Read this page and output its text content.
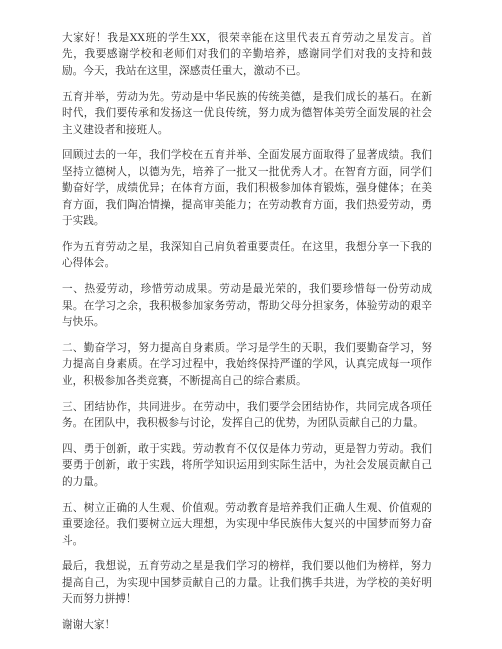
大家好！我是XX班的学生XX，很荣幸能在这里代表五育劳动之星发言。首先，我要感谢学校和老师们对我们的辛勤培养，感谢同学们对我的支持和鼓励。今天，我站在这里，深感责任重大，激动不已。

五育并举，劳动为先。劳动是中华民族的传统美德，是我们成长的基石。在新时代，我们要传承和发扬这一优良传统，努力成为德智体美劳全面发展的社会主义建设者和接班人。

回顾过去的一年，我们学校在五育并举、全面发展方面取得了显著成绩。我们坚持立德树人，以德为先，培养了一批又一批优秀人才。在智育方面，同学们勤奋好学，成绩优异；在体育方面，我们积极参加体育锻炼，强身健体；在美育方面，我们陶冶情操，提高审美能力；在劳动教育方面，我们热爱劳动，勇于实践。

作为五育劳动之星，我深知自己肩负着重要责任。在这里，我想分享一下我的心得体会。

一、热爱劳动，珍惜劳动成果。劳动是最光荣的，我们要珍惜每一份劳动成果。在学习之余，我积极参加家务劳动，帮助父母分担家务，体验劳动的艰辛与快乐。

二、勤奋学习，努力提高自身素质。学习是学生的天职，我们要勤奋学习，努力提高自身素质。在学习过程中，我始终保持严谨的学风，认真完成每一项作业，积极参加各类竞赛，不断提高自己的综合素质。

三、团结协作，共同进步。在劳动中，我们要学会团结协作，共同完成各项任务。在团队中，我积极参与讨论，发挥自己的优势，为团队贡献自己的力量。

四、勇于创新，敢于实践。劳动教育不仅仅是体力劳动，更是智力劳动。我们要勇于创新，敢于实践，将所学知识运用到实际生活中，为社会发展贡献自己的力量。

五、树立正确的人生观、价值观。劳动教育是培养我们正确人生观、价值观的重要途径。我们要树立远大理想，为实现中华民族伟大复兴的中国梦而努力奋斗。

最后，我想说，五育劳动之星是我们学习的榜样，我们要以他们为榜样，努力提高自己，为实现中国梦贡献自己的力量。让我们携手共进，为学校的美好明天而努力拼搏！

谢谢大家！
